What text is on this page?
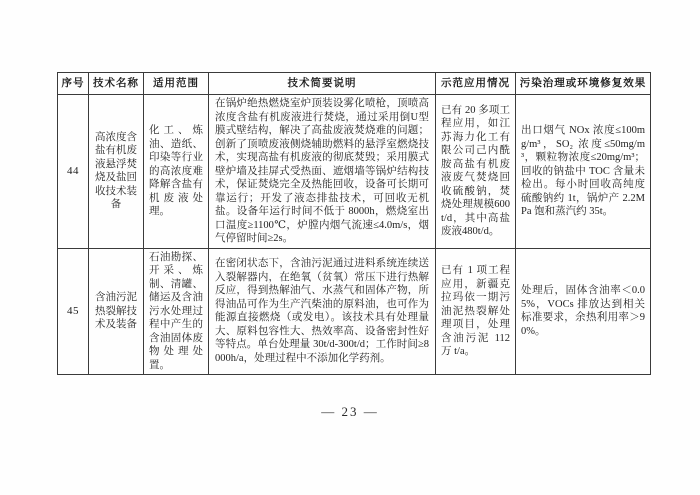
序号	技术名称	适用范围	技术简要说明	示范应用情况	污染治理或环境修复效果
44	高浓度含盐有机废液悬浮焚烧及盐回收技术装备	化工、炼油、造纸、印染等行业的高浓度难降解含盐有机废液处理。	在锅炉绝热燃烧室炉顶装设雾化喷枪，顶喷高浓度含盐有机废液进行焚烧，通过采用倒U型膜式壁结构，解决了高盐废液焚烧难的问题；创新了顶喷废液侧烧辅助燃料的悬浮室燃烧技术，实现高盐有机废液的彻底焚毁；采用膜式壁炉墙及挂屏式受热面、遮烟墙等锅炉结构技术，保证焚烧完全及热能回收，设备可长期可靠运行；开发了液态排盐技术，可回收无机盐。设备年运行时间不低于 8000h，燃烧室出口温度≥1100℃，炉膛内烟气流速≤4.0m/s，烟气停留时间≥2s。	已有 20 多项工程应用，如江苏海力化工有限公司己内酰胺高盐有机废液废气焚烧回收硫酸钠，焚烧处理规模600t/d，其中高盐废液480t/d。	出口烟气 NOx 浓度≤100mg/m³，SO₂ 浓度≤50mg/m³，颗粒物浓度≤20mg/m³；回收的钠盐中 TOC 含量未检出。每小时回收高纯度硫酸钠约 1t，锅炉产 2.2MPa 饱和蒸汽约 35t。
45	含油污泥热裂解技术及装备	石油勘探、开采、炼制、清罐、储运及含油污水处理过程中产生的含油固体废物处理处置。	在密闭状态下，含油污泥通过进料系统连续送入裂解器内，在绝氧（贫氧）常压下进行热解反应，得到热解油气、水蒸气和固体产物，所得油品可作为生产汽柴油的原料油，也可作为能源直接燃烧（或发电）。该技术具有处理量大、原料包容性大、热效率高、设备密封性好等特点。单台处理量 30t/d-300t/d；工作时间≥8000h/a，处理过程中不添加化学药剂。	已有 1 项工程应用，新疆克拉玛依一期污油泥热裂解处理项目，处理含油污泥 112 万 t/a。	处理后，固体含油率＜0.05%，VOCs 排放达到相关标准要求，余热利用率＞90%。
— 23 —
